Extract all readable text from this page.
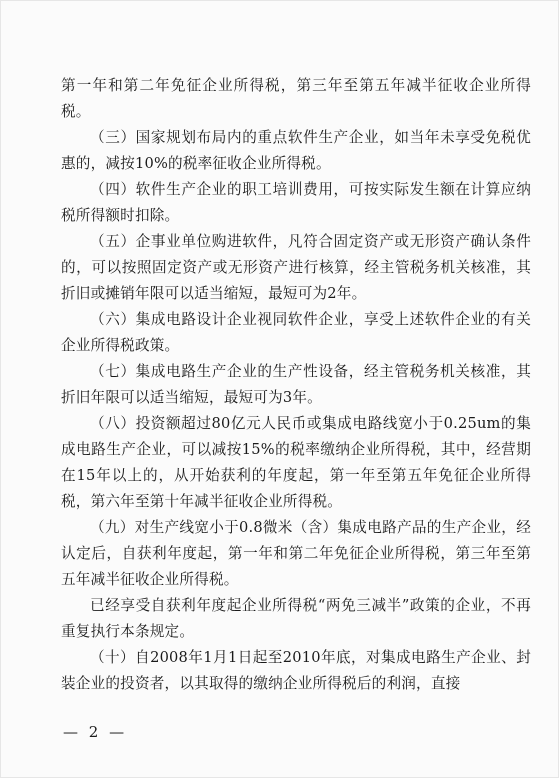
第一年和第二年免征企业所得税，第三年至第五年减半征收企业所得税。

（三）国家规划布局内的重点软件生产企业，如当年未享受免税优惠的，减按10%的税率征收企业所得税。

（四）软件生产企业的职工培训费用，可按实际发生额在计算应纳税所得额时扣除。

（五）企事业单位购进软件，凡符合固定资产或无形资产确认条件的，可以按照固定资产或无形资产进行核算，经主管税务机关核准，其折旧或摊销年限可以适当缩短，最短可为2年。

（六）集成电路设计企业视同软件企业，享受上述软件企业的有关企业所得税政策。

（七）集成电路生产企业的生产性设备，经主管税务机关核准，其折旧年限可以适当缩短，最短可为3年。

（八）投资额超过80亿元人民币或集成电路线宽小于0.25um的集成电路生产企业，可以减按15%的税率缴纳企业所得税，其中，经营期在15年以上的，从开始获利的年度起，第一年至第五年免征企业所得税，第六年至第十年减半征收企业所得税。

（九）对生产线宽小于0.8微米（含）集成电路产品的生产企业，经认定后，自获利年度起，第一年和第二年免征企业所得税，第三年至第五年减半征收企业所得税。

已经享受自获利年度起企业所得税“两免三减半”政策的企业，不再重复执行本条规定。

（十）自2008年1月1日起至2010年底，对集成电路生产企业、封装企业的投资者，以其取得的缴纳企业所得税后的利润，直接

— 2 —
